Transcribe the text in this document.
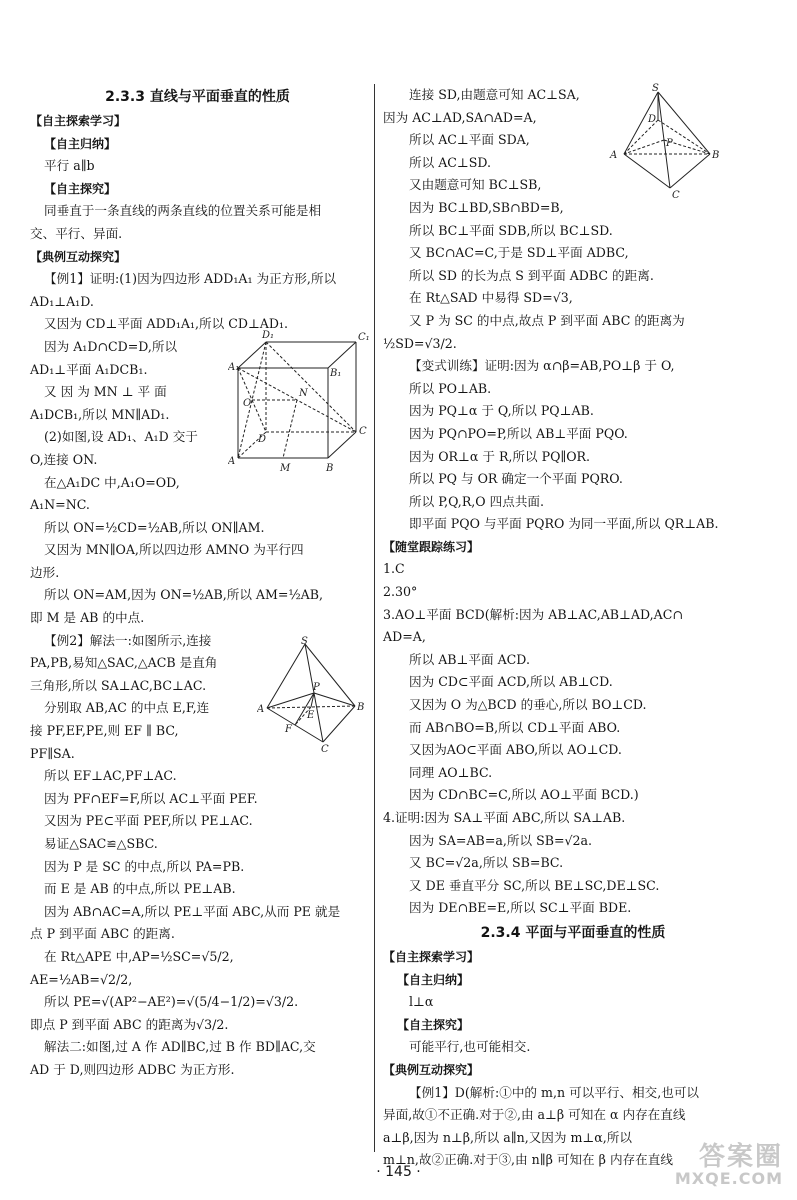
2.3.3 直线与平面垂直的性质
【自主探索学习】
【自主归纳】
平行 a∥b
【自主探究】
同垂直于一条直线的两条直线的位置关系可能是相
交、平行、异面.
【典例互动探究】
【例1】证明:(1)因为四边形 ADD₁A₁ 为正方形,所以
AD₁⊥A₁D.
又因为 CD⊥平面 ADD₁A₁,所以 CD⊥AD₁.
因为 A₁D∩CD=D,所以
AD₁⊥平面 A₁DCB₁.
又 因 为 MN ⊥ 平 面
A₁DCB₁,所以 MN∥AD₁.
(2)如图,设 AD₁、A₁D 交于
O,连接 ON.
在△A₁DC 中,A₁O=OD,
A₁N=NC.
所以 ON=½CD=½AB,所以 ON∥AM.
又因为 MN∥OA,所以四边形 AMNO 为平行四
边形.
所以 ON=AM,因为 ON=½AB,所以 AM=½AB,
即 M 是 AB 的中点.
【例2】解法一:如图所示,连接
PA,PB,易知△SAC,△ACB 是直角
三角形,所以 SA⊥AC,BC⊥AC.
分别取 AB,AC 的中点 E,F,连
接 PF,EF,PE,则 EF ∥ BC,
PF∥SA.
所以 EF⊥AC,PF⊥AC.
因为 PF∩EF=F,所以 AC⊥平面 PEF.
又因为 PE⊂平面 PEF,所以 PE⊥AC.
易证△SAC≌△SBC.
因为 P 是 SC 的中点,所以 PA=PB.
而 E 是 AB 的中点,所以 PE⊥AB.
因为 AB∩AC=A,所以 PE⊥平面 ABC,从而 PE 就是
点 P 到平面 ABC 的距离.
在 Rt△APE 中,AP=½SC=√5/2,
AE=½AB=√2/2,
所以 PE=√(AP²−AE²)=√(5/4−1/2)=√3/2.
即点 P 到平面 ABC 的距离为√3/2.
解法二:如图,过 A 作 AD∥BC,过 B 作 BD∥AC,交
AD 于 D,则四边形 ADBC 为正方形.
连接 SD,由题意可知 AC⊥SA,
因为 AC⊥AD,SA∩AD=A,
所以 AC⊥平面 SDA,
所以 AC⊥SD.
又由题意可知 BC⊥SB,
因为 BC⊥BD,SB∩BD=B,
所以 BC⊥平面 SDB,所以 BC⊥SD.
又 BC∩AC=C,于是 SD⊥平面 ADBC,
所以 SD 的长为点 S 到平面 ADBC 的距离.
在 Rt△SAD 中易得 SD=√3,
又 P 为 SC 的中点,故点 P 到平面 ABC 的距离为
½SD=√3/2.
【变式训练】证明:因为 α∩β=AB,PO⊥β 于 O,
所以 PO⊥AB.
因为 PQ⊥α 于 Q,所以 PQ⊥AB.
因为 PQ∩PO=P,所以 AB⊥平面 PQO.
因为 OR⊥α 于 R,所以 PQ∥OR.
所以 PQ 与 OR 确定一个平面 PQRO.
所以 P,Q,R,O 四点共面.
即平面 PQO 与平面 PQRO 为同一平面,所以 QR⊥AB.
【随堂跟踪练习】
1.C
2.30°
3.AO⊥平面 BCD(解析:因为 AB⊥AC,AB⊥AD,AC∩
AD=A,
所以 AB⊥平面 ACD.
因为 CD⊂平面 ACD,所以 AB⊥CD.
又因为 O 为△BCD 的垂心,所以 BO⊥CD.
而 AB∩BO=B,所以 CD⊥平面 ABO.
又因为AO⊂平面 ABO,所以 AO⊥CD.
同理 AO⊥BC.
因为 CD∩BC=C,所以 AO⊥平面 BCD.)
4.证明:因为 SA⊥平面 ABC,所以 SA⊥AB.
因为 SA=AB=a,所以 SB=√2a.
又 BC=√2a,所以 SB=BC.
又 DE 垂直平分 SC,所以 BE⊥SC,DE⊥SC.
因为 DE∩BE=E,所以 SC⊥平面 BDE.
2.3.4 平面与平面垂直的性质
【自主探索学习】
【自主归纳】
l⊥α
【自主探究】
可能平行,也可能相交.
【典例互动探究】
【例1】D(解析:①中的 m,n 可以平行、相交,也可以
异面,故①不正确.对于②,由 a⊥β 可知在 α 内存在直线
a⊥β,因为 n⊥β,所以 a∥n,又因为 m⊥α,所以
m⊥n,故②正确.对于③,由 n∥β 可知在 β 内存在直线
D₁	C₁
A₁
B₁
N
O
D
C
A
M	B
S
P
A	B
C
E
F
S
D
P
A	B
C
· 145 ·	答案圈
MXQE.COM
